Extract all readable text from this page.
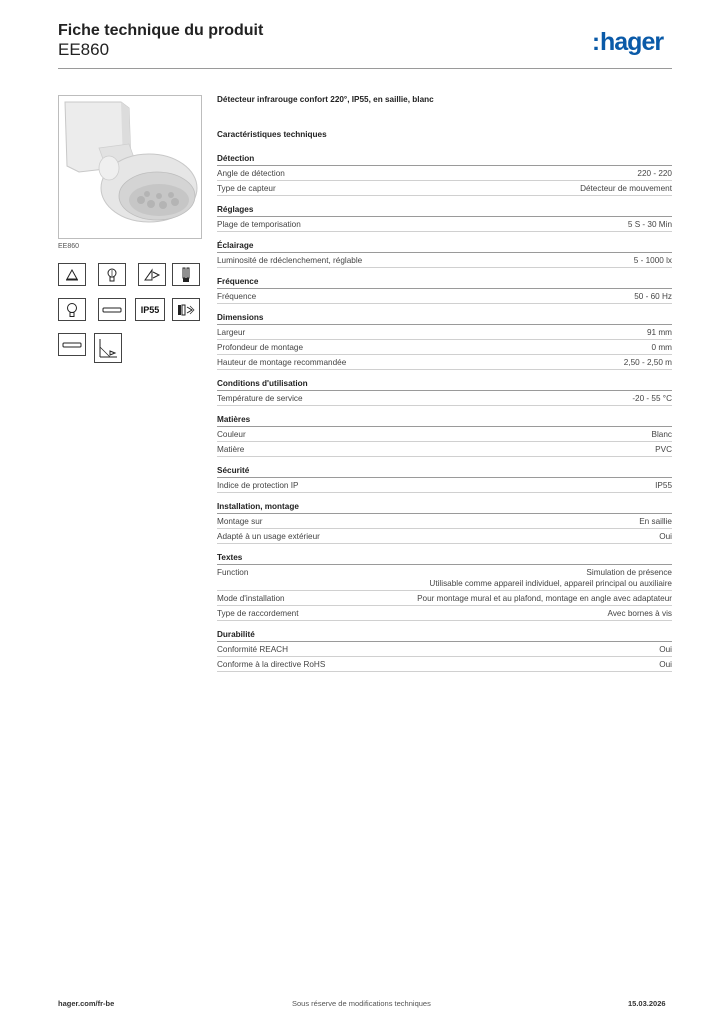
Fiche technique du produit
EE860	:hager
EE860
IP55
Détecteur infrarouge confort 220°, IP55, en saillie, blanc
Caractéristiques techniques
Détection
Angle de détection	220 - 220
Type de capteur	Détecteur de mouvement
Réglages
Plage de temporisation	5 S - 30 Min
Éclairage
Luminosité de rdéclenchement, réglable	5 - 1000 lx
Fréquence
Fréquence	50 - 60 Hz
Dimensions
Largeur	91 mm
Profondeur de montage	0 mm
Hauteur de montage recommandée	2,50 - 2,50 m
Conditions d'utilisation
Température de service	-20 - 55 °C
Matières
Couleur	Blanc
Matière	PVC
Sécurité
Indice de protection IP	IP55
Installation, montage
Montage sur	En saillie
Adapté à un usage extérieur	Oui
Textes
Function	Simulation de présence
Utilisable comme appareil individuel, appareil principal ou auxiliaire
Mode d'installation	Pour montage mural et au plafond, montage en angle avec adaptateur
Type de raccordement	Avec bornes à vis
Durabilité
Conformité REACH	Oui
Conforme à la directive RoHS	Oui
hager.com/fr-be	Sous réserve de modifications techniques	15.03.2026
